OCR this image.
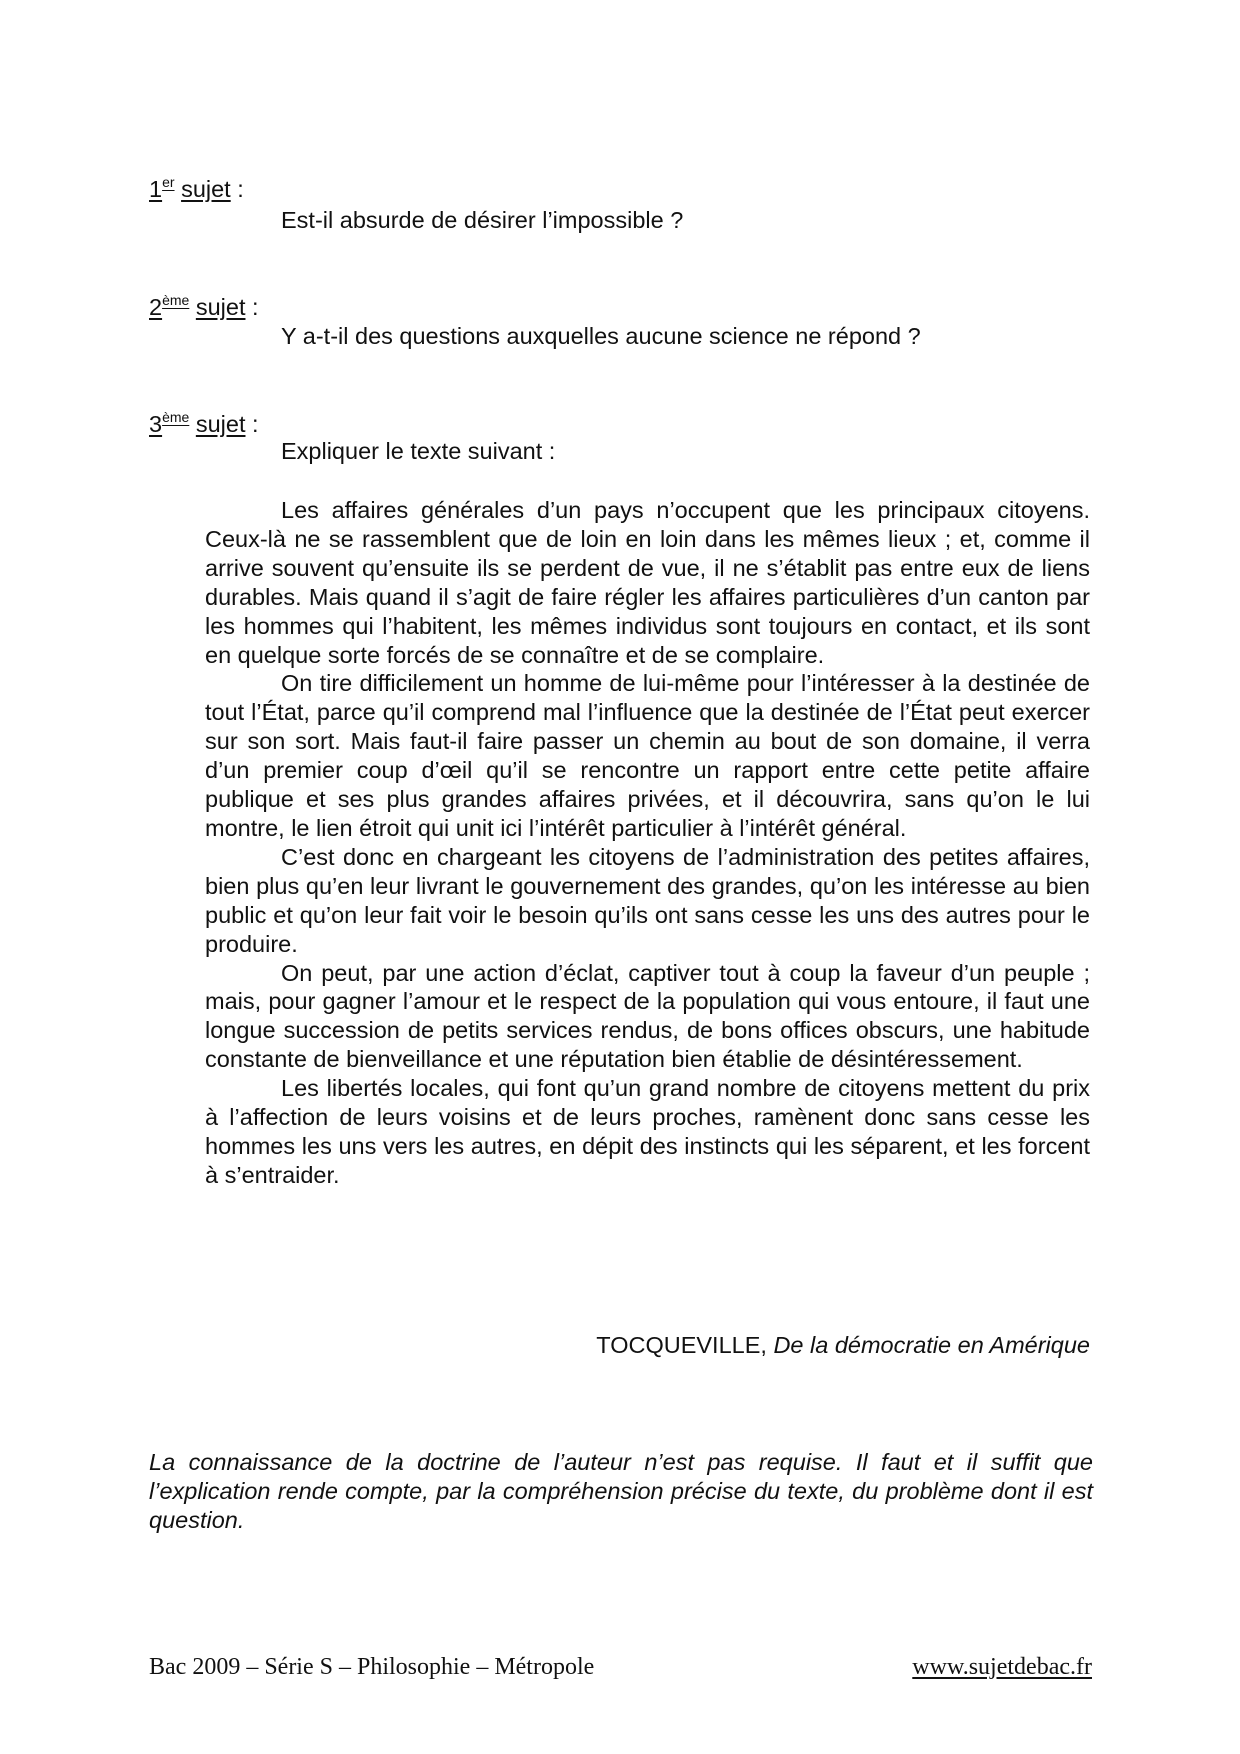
1er sujet :
Est-il absurde de désirer l’impossible ?
2ème sujet :
Y a-t-il des questions auxquelles aucune science ne répond ?
3ème sujet :
Expliquer le texte suivant :

Les affaires générales d’un pays n’occupent que les principaux citoyens. Ceux-là ne se rassemblent que de loin en loin dans les mêmes lieux ; et, comme il arrive souvent qu’ensuite ils se perdent de vue, il ne s’établit pas entre eux de liens durables. Mais quand il s’agit de faire régler les affaires particulières d’un canton par les hommes qui l’habitent, les mêmes individus sont toujours en contact, et ils sont en quelque sorte forcés de se connaître et de se complaire.

On tire difficilement un homme de lui-même pour l’intéresser à la destinée de tout l’État, parce qu’il comprend mal l’influence que la destinée de l’État peut exercer sur son sort. Mais faut-il faire passer un chemin au bout de son domaine, il verra d’un premier coup d’œil qu’il se rencontre un rapport entre cette petite affaire publique et ses plus grandes affaires privées, et il découvrira, sans qu’on le lui montre, le lien étroit qui unit ici l’intérêt particulier à l’intérêt général.

C’est donc en chargeant les citoyens de l’administration des petites affaires, bien plus qu’en leur livrant le gouvernement des grandes, qu’on les intéresse au bien public et qu’on leur fait voir le besoin qu’ils ont sans cesse les uns des autres pour le produire.

On peut, par une action d’éclat, captiver tout à coup la faveur d’un peuple ; mais, pour gagner l’amour et le respect de la population qui vous entoure, il faut une longue succession de petits services rendus, de bons offices obscurs, une habitude constante de bienveillance et une réputation bien établie de désintéressement.

Les libertés locales, qui font qu’un grand nombre de citoyens mettent du prix à l’affection de leurs voisins et de leurs proches, ramènent donc sans cesse les hommes les uns vers les autres, en dépit des instincts qui les séparent, et les forcent à s’entraider.

TOCQUEVILLE, De la démocratie en Amérique
La connaissance de la doctrine de l’auteur n’est pas requise. Il faut et il suffit que l’explication rende compte, par la compréhension précise du texte, du problème dont il est question.
Bac 2009 – Série S – Philosophie – Métropole	www.sujetdebac.fr
